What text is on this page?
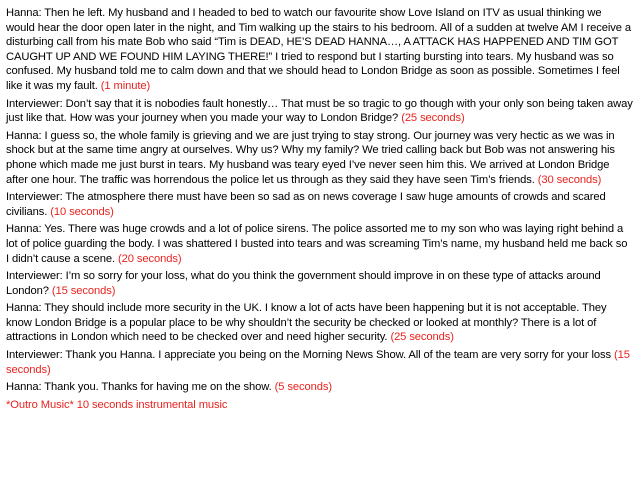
Hanna: Then he left. My husband and I headed to bed to watch our favourite show Love Island on ITV as usual thinking we would hear the door open later in the night, and Tim walking up the stairs to his bedroom. All of a sudden at twelve AM I receive a disturbing call from his mate Bob who said “Tim is DEAD, HE’S DEAD HANNA…, A ATTACK HAS HAPPENED AND TIM GOT CAUGHT UP AND WE FOUND HIM LAYING THERE!” I tried to respond but I starting bursting into tears. My husband was so confused. My husband told me to calm down and that we should head to London Bridge as soon as possible. Sometimes I feel like it was my fault. (1 minute)

Interviewer: Don’t say that it is nobodies fault honestly… That must be so tragic to go though with your only son being taken away just like that. How was your journey when you made your way to London Bridge? (25 seconds)

Hanna: I guess so, the whole family is grieving and we are just trying to stay strong. Our journey was very hectic as we was in shock but at the same time angry at ourselves. Why us? Why my family? We tried calling back but Bob was not answering his phone which made me just burst in tears. My husband was teary eyed I’ve never seen him this. We arrived at London Bridge after one hour. The traffic was horrendous the police let us through as they said they have seen Tim’s friends. (30 seconds)

Interviewer: The atmosphere there must have been so sad as on news coverage I saw huge amounts of crowds and scared civilians. (10 seconds)

Hanna: Yes. There was huge crowds and a lot of police sirens. The police assorted me to my son who was laying right behind a lot of police guarding the body. I was shattered I busted into tears and was screaming Tim’s name, my husband held me back so I didn’t cause a scene. (20 seconds)

Interviewer: I’m so sorry for your loss, what do you think the government should improve in on these type of attacks around London? (15 seconds)

Hanna: They should include more security in the UK. I know a lot of acts have been happening but it is not acceptable. They know London Bridge is a popular place to be why shouldn’t the security be checked or looked at monthly? There is a lot of attractions in London which need to be checked over and need higher security. (25 seconds)

Interviewer: Thank you Hanna. I appreciate you being on the Morning News Show. All of the team are very sorry for your loss (15 seconds)

Hanna: Thank you. Thanks for having me on the show. (5 seconds)

*Outro Music* 10 seconds instrumental music
